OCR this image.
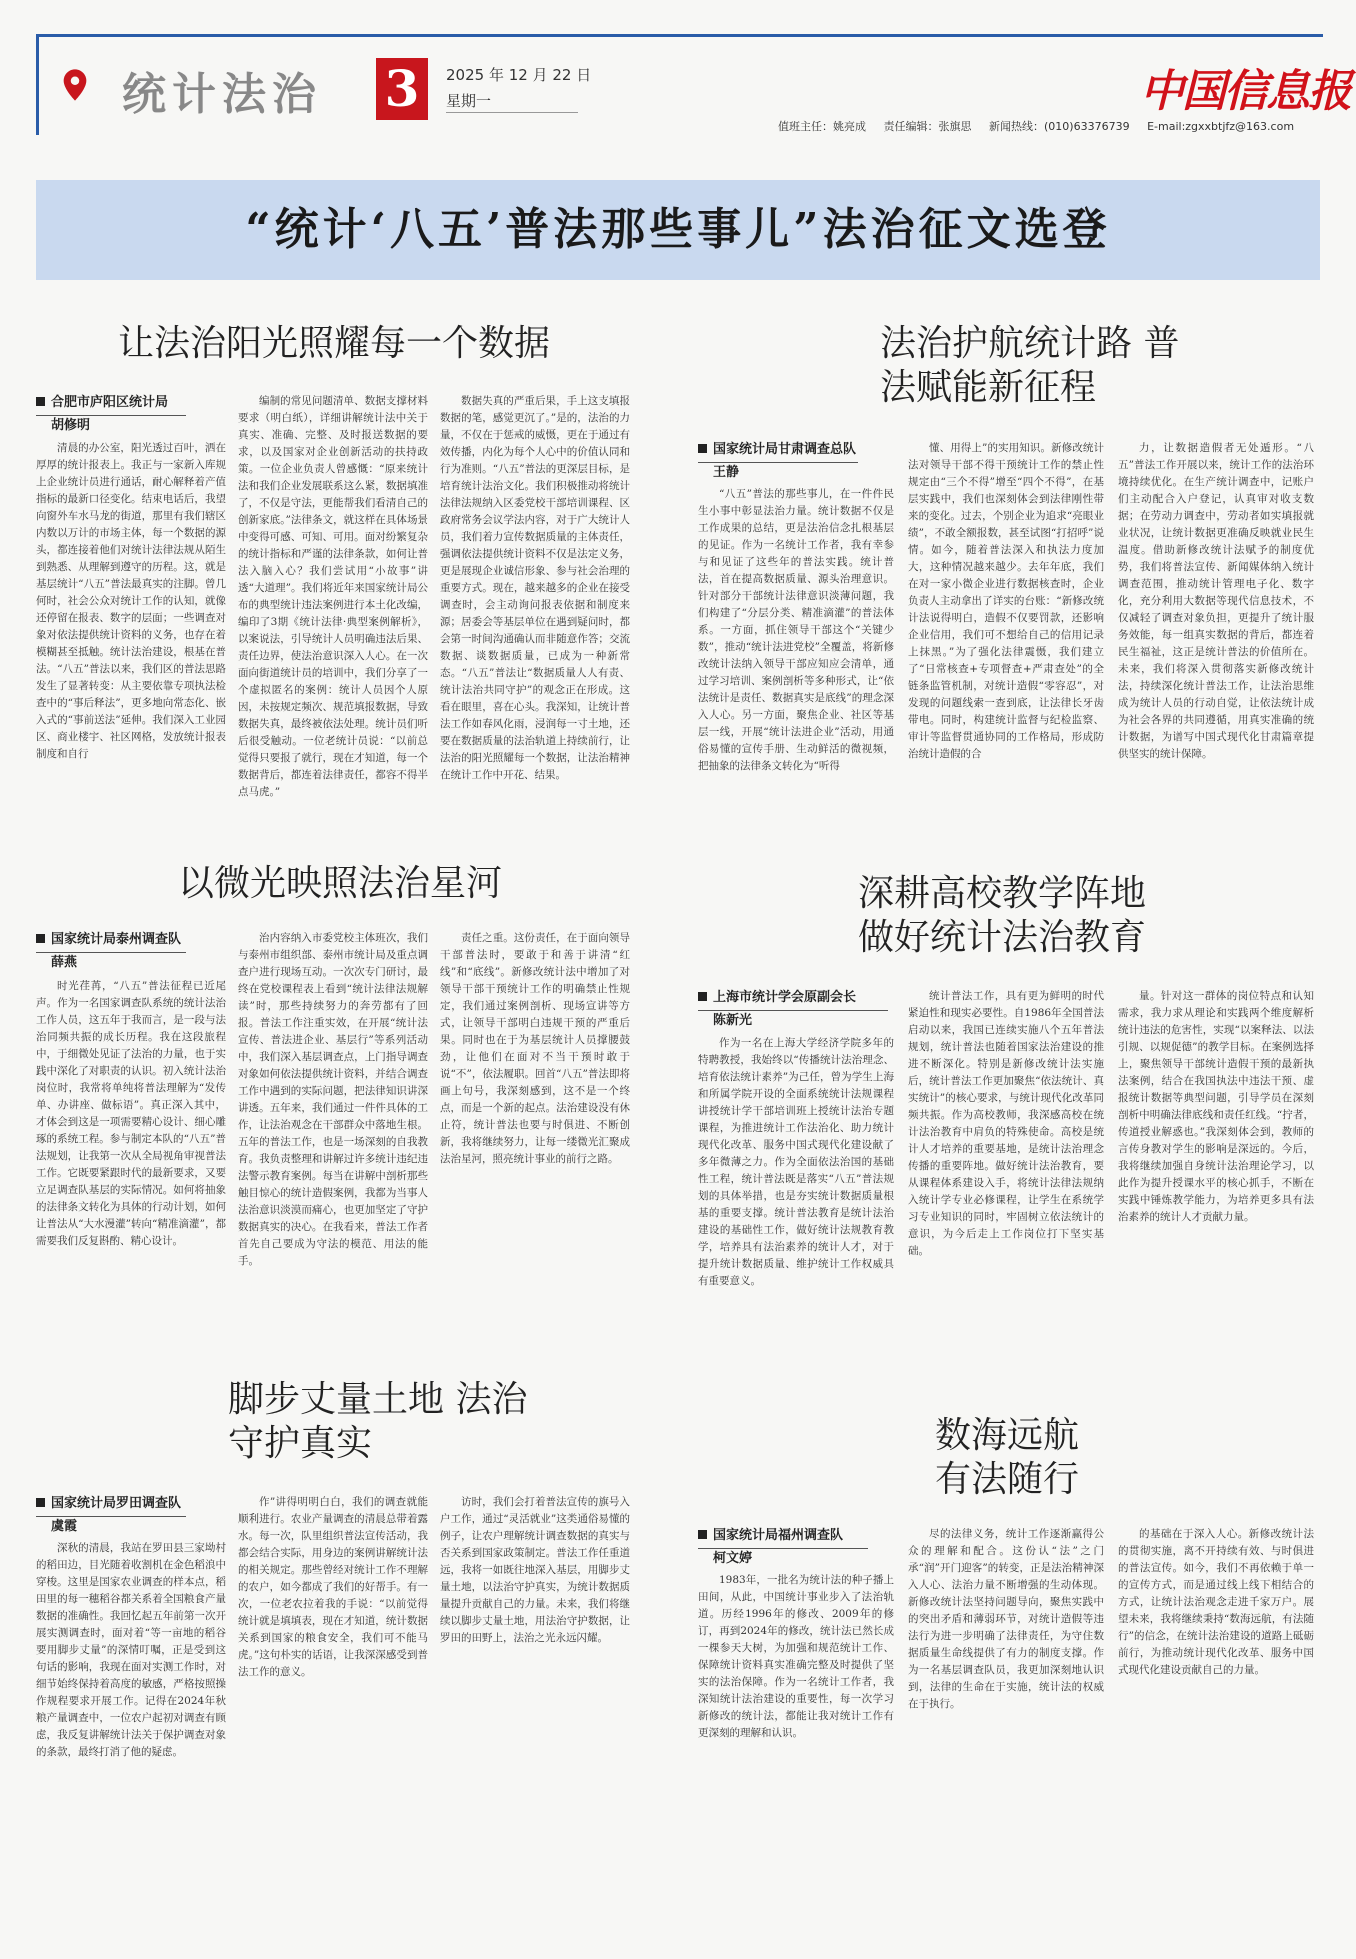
统计法治 3	2025 年 12 月 22 日
星期一	中国信息报
值班主任：姚亮成 责任编辑：张旗思 新闻热线：(010)63376739 E-mail:zgxxbtjfz@163.com
“统计‘八五’普法那些事儿”法治征文选登
让法治阳光照耀每一个数据
合肥市庐阳区统计局
胡修明

清晨的办公室，阳光透过百叶，洒在厚厚的统计报表上。我正与一家新入库规上企业统计员进行通话，耐心解释着产值指标的最新口径变化。结束电话后，我望向窗外车水马龙的街道，那里有我们辖区内数以万计的市场主体，每一个数据的源头，都连接着他们对统计法律法规从陌生到熟悉、从理解到遵守的历程。这，就是基层统计“八五”普法最真实的注脚。曾几何时，社会公众对统计工作的认知，就像还停留在报表、数字的层面；一些调查对象对依法提供统计资料的义务，也存在着模糊甚至抵触。统计法治建设，根基在普法。“八五”普法以来，我们区的普法思路发生了显著转变：从主要依靠专项执法检查中的“事后释法”，更多地向常态化、嵌入式的“事前送法”延伸。我们深入工业园区、商业楼宇、社区网格，发放统计报表制度和自行

编制的常见问题清单、数据支撑材料要求（明白纸），详细讲解统计法中关于真实、准确、完整、及时报送数据的要求，以及国家对企业创新活动的扶持政策。一位企业负责人曾感慨：“原来统计法和我们企业发展联系这么紧，数据填准了，不仅是守法，更能帮我们看清自己的创新家底。”法律条文，就这样在具体场景中变得可感、可知、可用。面对纷繁复杂的统计指标和严谨的法律条款，如何让普法入脑入心？我们尝试用“小故事”讲透“大道理”。我们将近年来国家统计局公布的典型统计违法案例进行本土化改编，编印了3期《统计法律·典型案例解析》，以案说法，引导统计人员明确违法后果、责任边界，使法治意识深入人心。在一次面向街道统计员的培训中，我们分享了一个虚拟匿名的案例：统计人员因个人原因，未按规定频次、规范填报数据，导致数据失真，最终被依法处理。统计员们听后很受触动。一位老统计员说：“以前总觉得只要报了就行，现在才知道，每一个数据背后，都连着法律责任，都容不得半点马虎。”

数据失真的严重后果，手上这支填报数据的笔，感觉更沉了。”是的，法治的力量，不仅在于惩戒的威慑，更在于通过有效传播，内化为每个人心中的价值认同和行为准则。“八五”普法的更深层目标，是培育统计法治文化。我们积极推动将统计法律法规纳入区委党校干部培训课程、区政府常务会议学法内容，对于广大统计人员，我们着力宣传数据质量的主体责任，强调依法提供统计资料不仅是法定义务，更是展现企业诚信形象、参与社会治理的重要方式。现在，越来越多的企业在接受调查时，会主动询问报表依据和制度来源；居委会等基层单位在遇到疑问时，都会第一时间沟通确认而非随意作答；交流数据、谈数据质量，已成为一种新常态。“八五”普法让“数据质量人人有责、统计法治共同守护”的观念正在形成。这看在眼里，喜在心头。我深知，让统计普法工作如春风化雨，浸润每一寸土地，还要在数据质量的法治轨道上持续前行，让法治的阳光照耀每一个数据，让法治精神在统计工作中开花、结果。

法治护航统计路 普法赋能新征程
国家统计局甘肃调查总队
王静

“八五”普法的那些事儿，在一件件民生小事中彰显法治力量。统计数据不仅是工作成果的总结，更是法治信念扎根基层的见证。作为一名统计工作者，我有幸参与和见证了这些年的普法实践。统计普法，首在提高数据质量、源头治理意识。针对部分干部统计法律意识淡薄问题，我们构建了“分层分类、精准滴灌”的普法体系。一方面，抓住领导干部这个“关键少数”，推动“统计法进党校”全覆盖，将新修改统计法纳入领导干部应知应会清单，通过学习培训、案例剖析等多种形式，让“依法统计是责任、数据真实是底线”的理念深入人心。另一方面，聚焦企业、社区等基层一线，开展“统计法进企业”活动，用通俗易懂的宣传手册、生动鲜活的微视频，把抽象的法律条文转化为“听得

懂、用得上”的实用知识。新修改统计法对领导干部不得干预统计工作的禁止性规定由“三个不得”增至“四个不得”，在基层实践中，我们也深刻体会到法律刚性带来的变化。过去，个别企业为追求“亮眼业绩”，不敢全额报数，甚至试图“打招呼”说情。如今，随着普法深入和执法力度加大，这种情况越来越少。去年年底，我们在对一家小微企业进行数据核查时，企业负责人主动拿出了详实的台账：“新修改统计法说得明白，造假不仅要罚款，还影响企业信用，我们可不想给自己的信用记录上抹黑。”为了强化法律震慑，我们建立了“日常核查+专项督查+严肃查处”的全链条监管机制，对统计造假“零容忍”，对发现的问题线索一查到底，让法律长牙齿带电。同时，构建统计监督与纪检监察、审计等监督贯通协同的工作格局，形成防治统计造假的合

力，让数据造假者无处遁形。“八五”普法工作开展以来，统计工作的法治环境持续优化。在生产统计调查中，记账户们主动配合入户登记，认真审对收支数据；在劳动力调查中，劳动者如实填报就业状况，让统计数据更准确反映就业民生温度。借助新修改统计法赋予的制度优势，我们将普法宣传、新闻媒体纳入统计调查范围，推动统计管理电子化、数字化，充分利用大数据等现代信息技术，不仅减轻了调查对象负担，更提升了统计服务效能，每一组真实数据的背后，都连着民生福祉，这正是统计普法的价值所在。未来，我们将深入贯彻落实新修改统计法，持续深化统计普法工作，让法治思维成为统计人员的行动自觉，让依法统计成为社会各界的共同遵循，用真实准确的统计数据，为谱写中国式现代化甘肃篇章提供坚实的统计保障。

以微光映照法治星河
国家统计局泰州调查队
薛燕

时光荏苒，“八五”普法征程已近尾声。作为一名国家调查队系统的统计法治工作人员，这五年于我而言，是一段与法治同频共振的成长历程。我在这段旅程中，于细微处见证了法治的力量，也于实践中深化了对职责的认识。初入统计法治岗位时，我常将单纯将普法理解为“发传单、办讲座、做标语”。真正深入其中，才体会到这是一项需要精心设计、细心雕琢的系统工程。参与制定本队的“八五”普法规划，让我第一次从全局视角审视普法工作。它既要紧跟时代的最新要求，又要立足调查队基层的实际情况。如何将抽象的法律条文转化为具体的行动计划，如何让普法从“大水漫灌”转向“精准滴灌”，都需要我们反复斟酌、精心设计。

治内容纳入市委党校主体班次，我们与泰州市组织部、泰州市统计局及重点调查户进行现场互动。一次次专门研讨，最终在党校课程表上看到“统计法律法规解读”时，那些持续努力的奔劳都有了回报。普法工作注重实效，在开展“统计法宣传、普法进企业、基层行”等系列活动中，我们深入基层调查点，上门指导调查对象如何依法提供统计资料，并结合调查工作中遇到的实际问题，把法律知识讲深讲透。五年来，我们通过一件件具体的工作，让法治观念在干部群众中落地生根。五年的普法工作，也是一场深刻的自我教育。我负责整理和讲解过许多统计违纪违法警示教育案例。每当在讲解中剖析那些触目惊心的统计造假案例，我都为当事人法治意识淡漠而痛心，也更加坚定了守护数据真实的决心。在我看来，普法工作者首先自己要成为守法的模范、用法的能手。

责任之重。这份责任，在于面向领导干部普法时，要敢于和善于讲清“红线”和“底线”。新修改统计法中增加了对领导干部干预统计工作的明确禁止性规定，我们通过案例剖析、现场宣讲等方式，让领导干部明白违规干预的严重后果。同时也在于为基层统计人员撑腰鼓劲，让他们在面对不当干预时敢于说“不”，依法履职。回首“八五”普法即将画上句号，我深刻感到，这不是一个终点，而是一个新的起点。法治建设没有休止符，统计普法也要与时俱进、不断创新，我将继续努力，让每一缕微光汇聚成法治星河，照亮统计事业的前行之路。

深耕高校教学阵地 做好统计法治教育
上海市统计学会原副会长
陈新光

作为一名在上海大学经济学院多年的特聘教授，我始终以“传播统计法治理念、培育依法统计素养”为己任，曾为学生上海和所属学院开设的全面系统统计法规课程讲授统计学干部培训班上授统计法治专题课程，为推进统计工作法治化、助力统计现代化改革、服务中国式现代化建设献了多年微薄之力。作为全面依法治国的基础性工程，统计普法既是落实“八五”普法规划的具体举措，也是夯实统计数据质量根基的重要支撑。统计普法教育是统计法治建设的基础性工作，做好统计法规教育教学，培养具有法治素养的统计人才，对于提升统计数据质量、维护统计工作权威具有重要意义。

统计普法工作，具有更为鲜明的时代紧迫性和现实必要性。自1986年全国普法启动以来，我国已连续实施八个五年普法规划，统计普法也随着国家法治建设的推进不断深化。特别是新修改统计法实施后，统计普法工作更加聚焦“依法统计、真实统计”的核心要求，与统计现代化改革同频共振。作为高校教师，我深感高校在统计法治教育中肩负的特殊使命。高校是统计人才培养的重要基地，是统计法治理念传播的重要阵地。做好统计法治教育，要从课程体系建设入手，将统计法律法规纳入统计学专业必修课程，让学生在系统学习专业知识的同时，牢固树立依法统计的意识，为今后走上工作岗位打下坚实基础。

量。针对这一群体的岗位特点和认知需求，我力求从理论和实践两个维度解析统计违法的危害性，实现“以案释法、以法引规、以规促德”的教学目标。在案例选择上，聚焦领导干部统计造假干预的最新执法案例，结合在我国执法中违法干预、虚报统计数据等典型问题，引导学员在深刻剖析中明确法律底线和责任红线。“拧者，传道授业解惑也。”我深刻体会到，教师的言传身教对学生的影响是深远的。今后，我将继续加强自身统计法治理论学习，以此作为提升授课水平的核心抓手，不断在实践中锤炼教学能力，为培养更多具有法治素养的统计人才贡献力量。

脚步丈量土地 法治守护真实
国家统计局罗田调查队
虞霞

深秋的清晨，我站在罗田县三家坳村的稻田边，目光随着收割机在金色稻浪中穿梭。这里是国家农业调查的样本点，稻田里的每一穗稻谷都关系着全国粮食产量数据的准确性。我回忆起五年前第一次开展实测调查时，面对着“等一亩地的稻谷要用脚步丈量”的深情叮嘱，正是受到这句话的影响，我现在面对实测工作时，对细节始终保持着高度的敏感，严格按照操作规程要求开展工作。记得在2024年秋粮产量调查中，一位农户起初对调查有顾虑，我反复讲解统计法关于保护调查对象的条款，最终打消了他的疑虑。

作”讲得明明白白，我们的调查就能顺利进行。农业产量调查的清晨总带着露水。每一次，队里组织普法宣传活动，我都会结合实际，用身边的案例讲解统计法的相关规定。那些曾经对统计工作不理解的农户，如今都成了我们的好帮手。有一次，一位老农拉着我的手说：“以前觉得统计就是填填表，现在才知道，统计数据关系到国家的粮食安全，我们可不能马虎。”这句朴实的话语，让我深深感受到普法工作的意义。

访时，我们会打着普法宣传的旗号入户工作，通过“灵活就业”这类通俗易懂的例子，让农户理解统计调查数据的真实与否关系到国家政策制定。普法工作任重道远，我将一如既往地深入基层，用脚步丈量土地，以法治守护真实，为统计数据质量提升贡献自己的力量。未来，我们将继续以脚步丈量土地，用法治守护数据，让罗田的田野上，法治之光永远闪耀。

数海远航 有法随行
国家统计局福州调查队
柯文婷

1983年，一批名为统计法的种子播上田间，从此，中国统计事业步入了法治轨道。历经1996年的修改、2009年的修订，再到2024年的修改，统计法已然长成一棵参天大树，为加强和规范统计工作、保障统计资料真实准确完整及时提供了坚实的法治保障。作为一名统计工作者，我深知统计法治建设的重要性，每一次学习新修改的统计法，都能让我对统计工作有更深刻的理解和认识。

尽的法律义务，统计工作逐渐赢得公众的理解和配合。这份认“法”之门承“润”开门迎客”的转变，正是法治精神深入人心、法治力量不断增强的生动体现。新修改统计法坚持问题导向，聚焦实践中的突出矛盾和薄弱环节，对统计造假等违法行为进一步明确了法律责任，为守住数据质量生命线提供了有力的制度支撑。作为一名基层调查队员，我更加深刻地认识到，法律的生命在于实施，统计法的权威在于执行。

的基础在于深入人心。新修改统计法的贯彻实施，离不开持续有效、与时俱进的普法宣传。如今，我们不再依赖于单一的宣传方式，而是通过线上线下相结合的方式，让统计法治观念走进千家万户。展望未来，我将继续秉持“数海远航，有法随行”的信念，在统计法治建设的道路上砥砺前行，为推动统计现代化改革、服务中国式现代化建设贡献自己的力量。
